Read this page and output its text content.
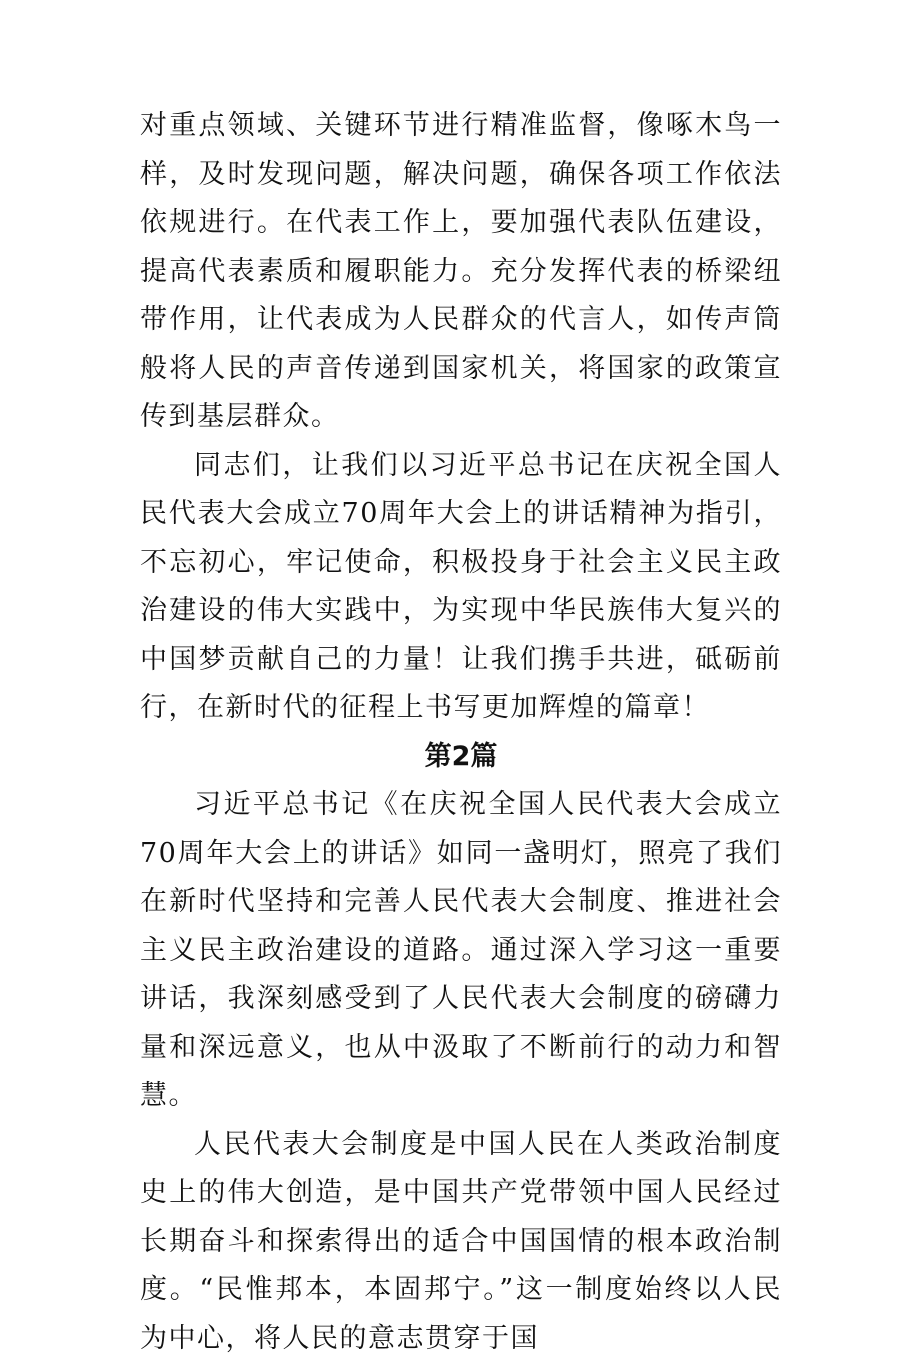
对重点领域、关键环节进行精准监督，像啄木鸟一样，及时发现问题，解决问题，确保各项工作依法依规进行。在代表工作上，要加强代表队伍建设，提高代表素质和履职能力。充分发挥代表的桥梁纽带作用，让代表成为人民群众的代言人，如传声筒般将人民的声音传递到国家机关，将国家的政策宣传到基层群众。

同志们，让我们以习近平总书记在庆祝全国人民代表大会成立70周年大会上的讲话精神为指引，不忘初心，牢记使命，积极投身于社会主义民主政治建设的伟大实践中，为实现中华民族伟大复兴的中国梦贡献自己的力量！让我们携手共进，砥砺前行，在新时代的征程上书写更加辉煌的篇章！

第2篇

习近平总书记《在庆祝全国人民代表大会成立70周年大会上的讲话》如同一盏明灯，照亮了我们在新时代坚持和完善人民代表大会制度、推进社会主义民主政治建设的道路。通过深入学习这一重要讲话，我深刻感受到了人民代表大会制度的磅礴力量和深远意义，也从中汲取了不断前行的动力和智慧。

人民代表大会制度是中国人民在人类政治制度史上的伟大创造，是中国共产党带领中国人民经过长期奋斗和探索得出的适合中国国情的根本政治制度。“民惟邦本，本固邦宁。”这一制度始终以人民为中心，将人民的意志贯穿于国
